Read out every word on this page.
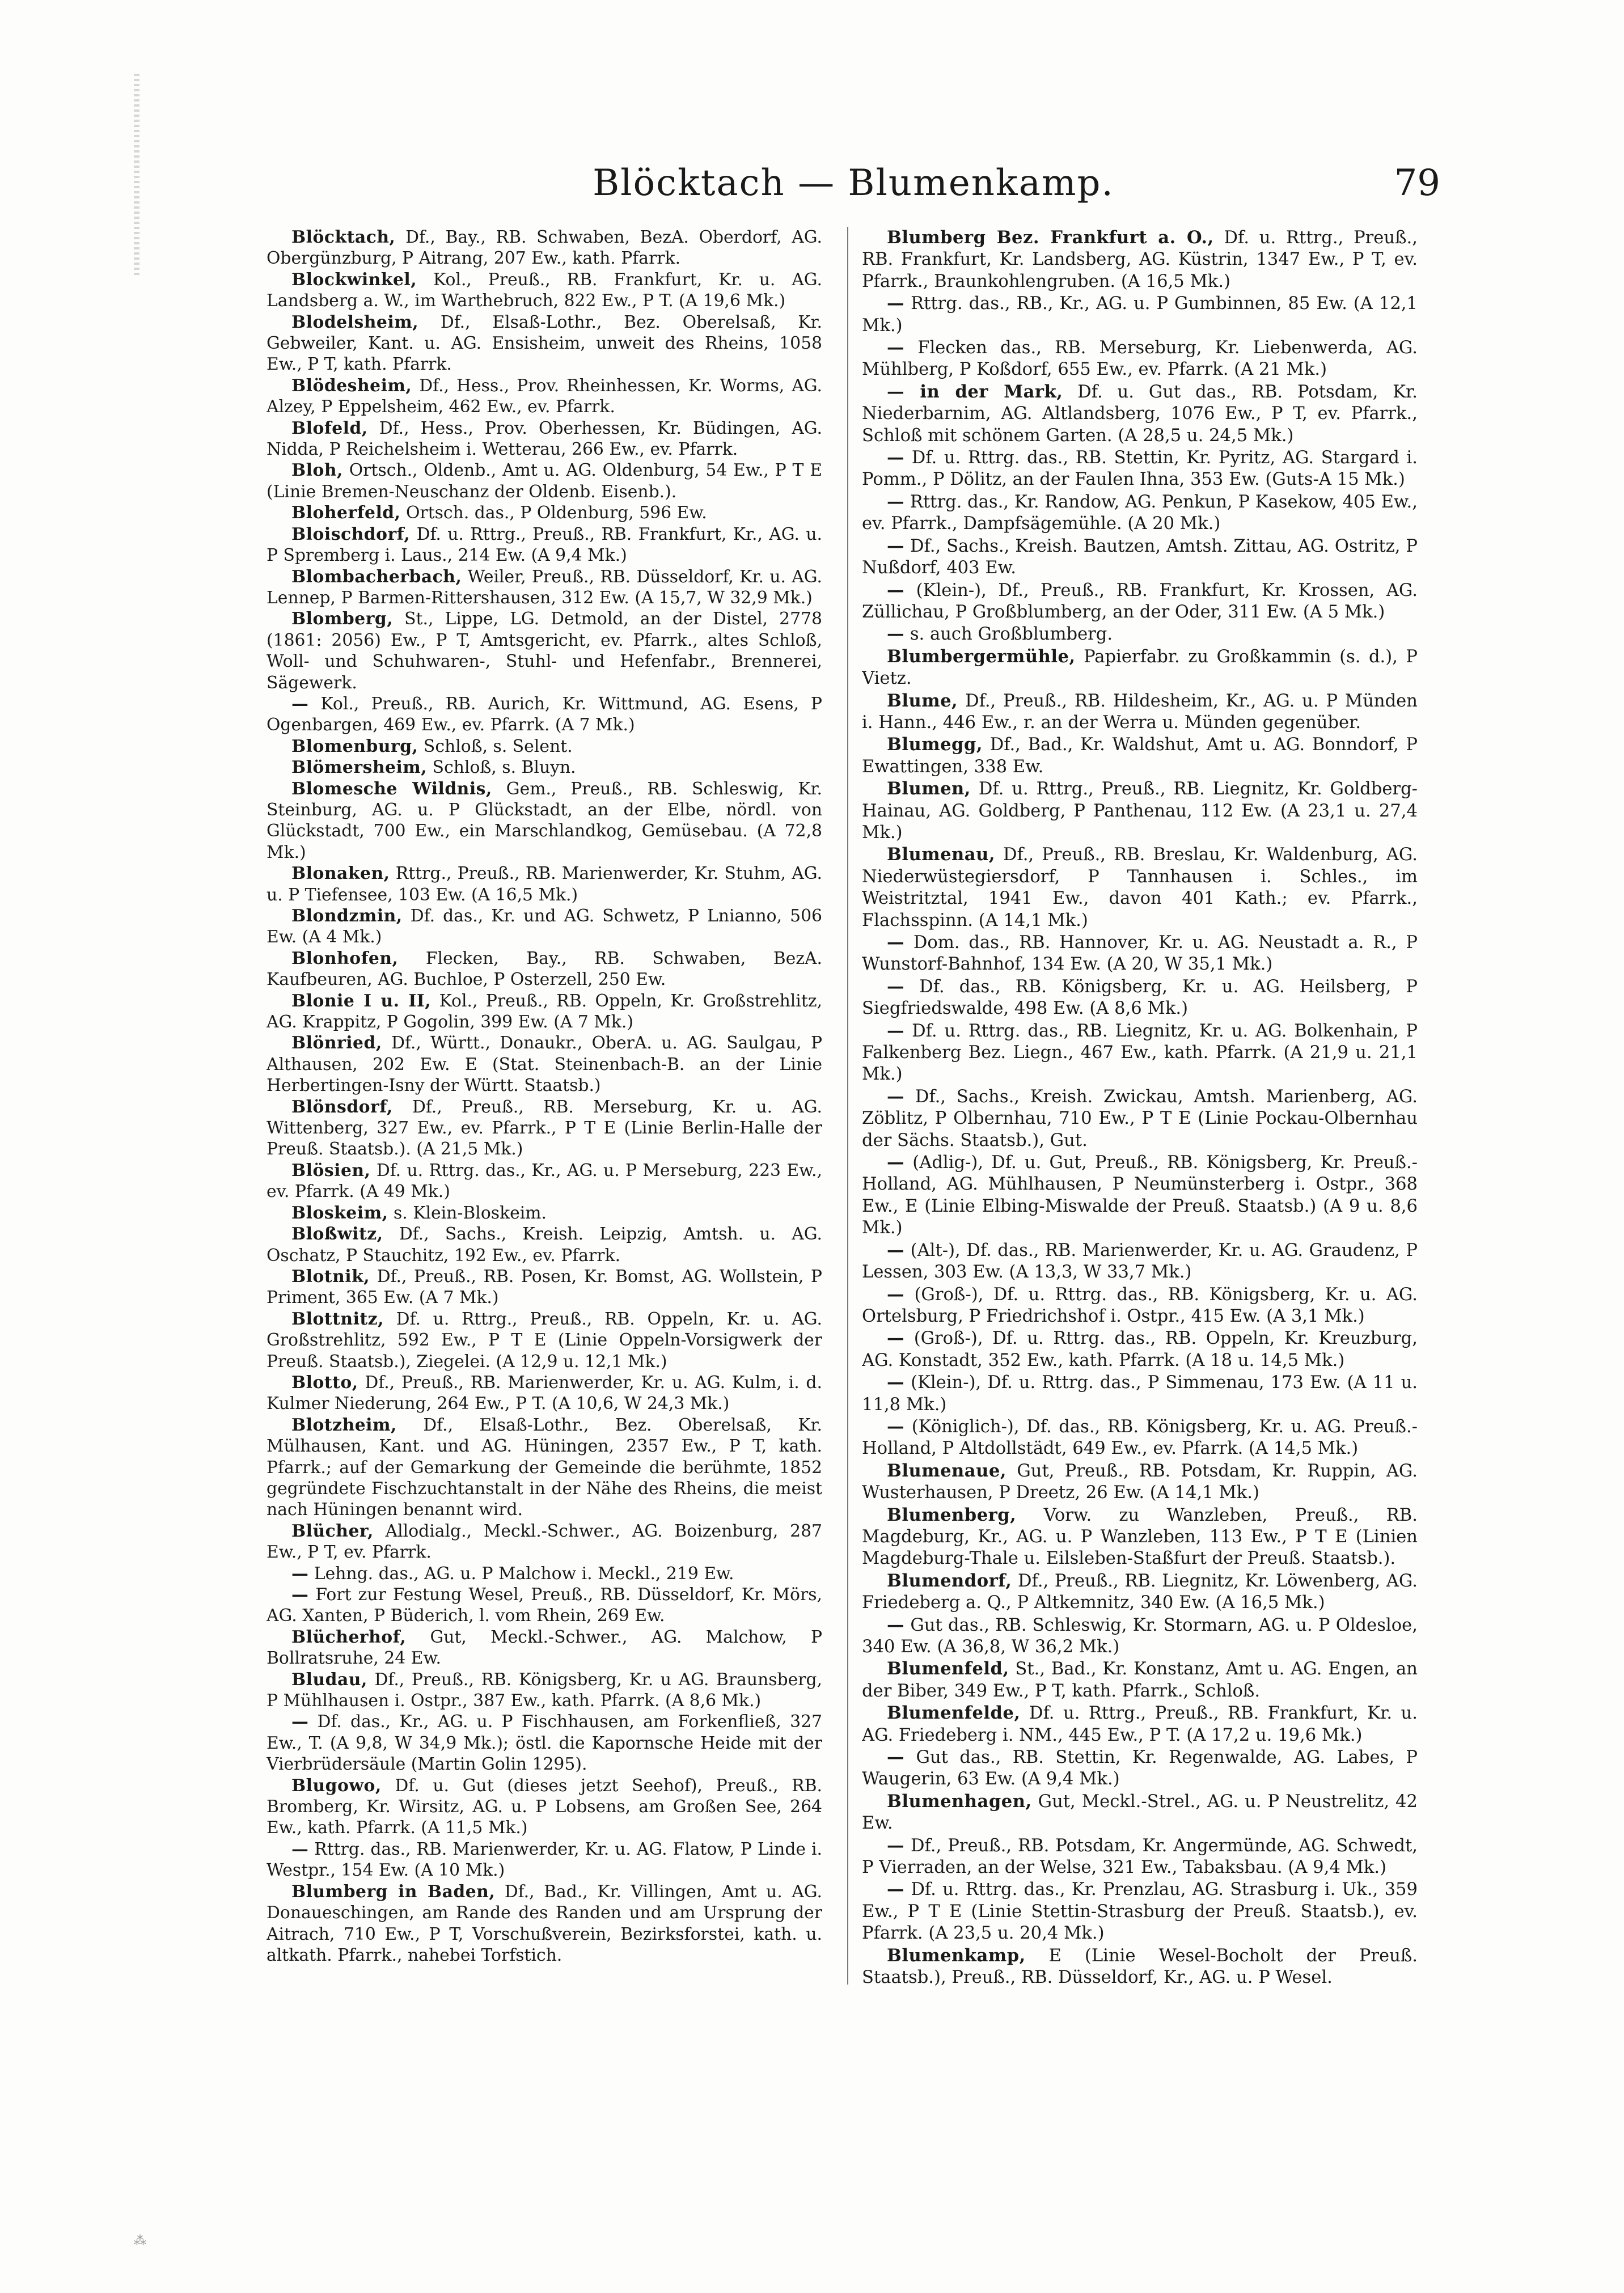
Blöcktach — Blumenkamp.	79

Blöcktach, Df., Bay., RB. Schwaben, BezA. Oberdorf, AG. Obergünzburg, P Aitrang, 207 Ew., kath. Pfarrk.

Blockwinkel, Kol., Preuß., RB. Frankfurt, Kr. u. AG. Landsberg a. W., im Warthebruch, 822 Ew., P T. (A 19,6 Mk.)

Blodelsheim, Df., Elsaß-Lothr., Bez. Oberelsaß, Kr. Gebweiler, Kant. u. AG. Ensisheim, unweit des Rheins, 1058 Ew., P T, kath. Pfarrk.

Blödesheim, Df., Hess., Prov. Rheinhessen, Kr. Worms, AG. Alzey, P Eppelsheim, 462 Ew., ev. Pfarrk.

Blofeld, Df., Hess., Prov. Oberhessen, Kr. Büdingen, AG. Nidda, P Reichelsheim i. Wetterau, 266 Ew., ev. Pfarrk.

Bloh, Ortsch., Oldenb., Amt u. AG. Oldenburg, 54 Ew., P T E (Linie Bremen-Neuschanz der Oldenb. Eisenb.).

Bloherfeld, Ortsch. das., P Oldenburg, 596 Ew.

Bloischdorf, Df. u. Rttrg., Preuß., RB. Frankfurt, Kr., AG. u. P Spremberg i. Laus., 214 Ew. (A 9,4 Mk.)

Blombacherbach, Weiler, Preuß., RB. Düsseldorf, Kr. u. AG. Lennep, P Barmen-Rittershausen, 312 Ew. (A 15,7, W 32,9 Mk.)

Blomberg, St., Lippe, LG. Detmold, an der Distel, 2778 (1861: 2056) Ew., P T, Amtsgericht, ev. Pfarrk., altes Schloß, Woll- und Schuhwaren-, Stuhl- und Hefenfabr., Brennerei, Sägewerk.

— Kol., Preuß., RB. Aurich, Kr. Wittmund, AG. Esens, P Ogenbargen, 469 Ew., ev. Pfarrk. (A 7 Mk.)

Blomenburg, Schloß, s. Selent.

Blömersheim, Schloß, s. Bluyn.

Blomesche Wildnis, Gem., Preuß., RB. Schleswig, Kr. Steinburg, AG. u. P Glückstadt, an der Elbe, nördl. von Glückstadt, 700 Ew., ein Marschlandkog, Gemüsebau. (A 72,8 Mk.)

Blonaken, Rttrg., Preuß., RB. Marienwerder, Kr. Stuhm, AG. u. P Tiefensee, 103 Ew. (A 16,5 Mk.)

Blondzmin, Df. das., Kr. und AG. Schwetz, P Lnianno, 506 Ew. (A 4 Mk.)

Blonhofen, Flecken, Bay., RB. Schwaben, BezA. Kaufbeuren, AG. Buchloe, P Osterzell, 250 Ew.

Blonie I u. II, Kol., Preuß., RB. Oppeln, Kr. Großstrehlitz, AG. Krappitz, P Gogolin, 399 Ew. (A 7 Mk.)

Blönried, Df., Württ., Donaukr., OberA. u. AG. Saulgau, P Althausen, 202 Ew. E (Stat. Steinenbach-B. an der Linie Herbertingen-Isny der Württ. Staatsb.)

Blönsdorf, Df., Preuß., RB. Merseburg, Kr. u. AG. Wittenberg, 327 Ew., ev. Pfarrk., P T E (Linie Berlin-Halle der Preuß. Staatsb.). (A 21,5 Mk.)

Blösien, Df. u. Rttrg. das., Kr., AG. u. P Merseburg, 223 Ew., ev. Pfarrk. (A 49 Mk.)

Bloskeim, s. Klein-Bloskeim.

Bloßwitz, Df., Sachs., Kreish. Leipzig, Amtsh. u. AG. Oschatz, P Stauchitz, 192 Ew., ev. Pfarrk.

Blotnik, Df., Preuß., RB. Posen, Kr. Bomst, AG. Wollstein, P Priment, 365 Ew. (A 7 Mk.)

Blottnitz, Df. u. Rttrg., Preuß., RB. Oppeln, Kr. u. AG. Großstrehlitz, 592 Ew., P T E (Linie Oppeln-Vorsigwerk der Preuß. Staatsb.), Ziegelei. (A 12,9 u. 12,1 Mk.)

Blotto, Df., Preuß., RB. Marienwerder, Kr. u. AG. Kulm, i. d. Kulmer Niederung, 264 Ew., P T. (A 10,6, W 24,3 Mk.)

Blotzheim, Df., Elsaß-Lothr., Bez. Oberelsaß, Kr. Mülhausen, Kant. und AG. Hüningen, 2357 Ew., P T, kath. Pfarrk.; auf der Gemarkung der Gemeinde die berühmte, 1852 gegründete Fischzuchtanstalt in der Nähe des Rheins, die meist nach Hüningen benannt wird.

Blücher, Allodialg., Meckl.-Schwer., AG. Boizenburg, 287 Ew., P T, ev. Pfarrk.

— Lehng. das., AG. u. P Malchow i. Meckl., 219 Ew.

— Fort zur Festung Wesel, Preuß., RB. Düsseldorf, Kr. Mörs, AG. Xanten, P Büderich, l. vom Rhein, 269 Ew.

Blücherhof, Gut, Meckl.-Schwer., AG. Malchow, P Bollratsruhe, 24 Ew.

Bludau, Df., Preuß., RB. Königsberg, Kr. u AG. Braunsberg, P Mühlhausen i. Ostpr., 387 Ew., kath. Pfarrk. (A 8,6 Mk.)

— Df. das., Kr., AG. u. P Fischhausen, am Forkenfließ, 327 Ew., T. (A 9,8, W 34,9 Mk.); östl. die Kapornsche Heide mit der Vierbrüdersäule (Martin Golin 1295).

Blugowo, Df. u. Gut (dieses jetzt Seehof), Preuß., RB. Bromberg, Kr. Wirsitz, AG. u. P Lobsens, am Großen See, 264 Ew., kath. Pfarrk. (A 11,5 Mk.)

— Rttrg. das., RB. Marienwerder, Kr. u. AG. Flatow, P Linde i. Westpr., 154 Ew. (A 10 Mk.)

Blumberg in Baden, Df., Bad., Kr. Villingen, Amt u. AG. Donaueschingen, am Rande des Randen und am Ursprung der Aitrach, 710 Ew., P T, Vorschußverein, Bezirksforstei, kath. u. altkath. Pfarrk., nahebei Torfstich.

Blumberg Bez. Frankfurt a. O., Df. u. Rttrg., Preuß., RB. Frankfurt, Kr. Landsberg, AG. Küstrin, 1347 Ew., P T, ev. Pfarrk., Braunkohlengruben. (A 16,5 Mk.)

— Rttrg. das., RB., Kr., AG. u. P Gumbinnen, 85 Ew. (A 12,1 Mk.)

— Flecken das., RB. Merseburg, Kr. Liebenwerda, AG. Mühlberg, P Koßdorf, 655 Ew., ev. Pfarrk. (A 21 Mk.)

— in der Mark, Df. u. Gut das., RB. Potsdam, Kr. Niederbarnim, AG. Altlandsberg, 1076 Ew., P T, ev. Pfarrk., Schloß mit schönem Garten. (A 28,5 u. 24,5 Mk.)

— Df. u. Rttrg. das., RB. Stettin, Kr. Pyritz, AG. Stargard i. Pomm., P Dölitz, an der Faulen Ihna, 353 Ew. (Guts-A 15 Mk.)

— Rttrg. das., Kr. Randow, AG. Penkun, P Kasekow, 405 Ew., ev. Pfarrk., Dampfsägemühle. (A 20 Mk.)

— Df., Sachs., Kreish. Bautzen, Amtsh. Zittau, AG. Ostritz, P Nußdorf, 403 Ew.

— (Klein-), Df., Preuß., RB. Frankfurt, Kr. Krossen, AG. Züllichau, P Großblumberg, an der Oder, 311 Ew. (A 5 Mk.)

— s. auch Großblumberg.

Blumbergermühle, Papierfabr. zu Großkammin (s. d.), P Vietz.

Blume, Df., Preuß., RB. Hildesheim, Kr., AG. u. P Münden i. Hann., 446 Ew., r. an der Werra u. Münden gegenüber.

Blumegg, Df., Bad., Kr. Waldshut, Amt u. AG. Bonndorf, P Ewattingen, 338 Ew.

Blumen, Df. u. Rttrg., Preuß., RB. Liegnitz, Kr. Goldberg-Hainau, AG. Goldberg, P Panthenau, 112 Ew. (A 23,1 u. 27,4 Mk.)

Blumenau, Df., Preuß., RB. Breslau, Kr. Waldenburg, AG. Niederwüstegiersdorf, P Tannhausen i. Schles., im Weistritztal, 1941 Ew., davon 401 Kath.; ev. Pfarrk., Flachsspinn. (A 14,1 Mk.)

— Dom. das., RB. Hannover, Kr. u. AG. Neustadt a. R., P Wunstorf-Bahnhof, 134 Ew. (A 20, W 35,1 Mk.)

— Df. das., RB. Königsberg, Kr. u. AG. Heilsberg, P Siegfriedswalde, 498 Ew. (A 8,6 Mk.)

— Df. u. Rttrg. das., RB. Liegnitz, Kr. u. AG. Bolkenhain, P Falkenberg Bez. Liegn., 467 Ew., kath. Pfarrk. (A 21,9 u. 21,1 Mk.)

— Df., Sachs., Kreish. Zwickau, Amtsh. Marienberg, AG. Zöblitz, P Olbernhau, 710 Ew., P T E (Linie Pockau-Olbernhau der Sächs. Staatsb.), Gut.

— (Adlig-), Df. u. Gut, Preuß., RB. Königsberg, Kr. Preuß.-Holland, AG. Mühlhausen, P Neumünsterberg i. Ostpr., 368 Ew., E (Linie Elbing-Miswalde der Preuß. Staatsb.) (A 9 u. 8,6 Mk.)

— (Alt-), Df. das., RB. Marienwerder, Kr. u. AG. Graudenz, P Lessen, 303 Ew. (A 13,3, W 33,7 Mk.)

— (Groß-), Df. u. Rttrg. das., RB. Königsberg, Kr. u. AG. Ortelsburg, P Friedrichshof i. Ostpr., 415 Ew. (A 3,1 Mk.)

— (Groß-), Df. u. Rttrg. das., RB. Oppeln, Kr. Kreuzburg, AG. Konstadt, 352 Ew., kath. Pfarrk. (A 18 u. 14,5 Mk.)

— (Klein-), Df. u. Rttrg. das., P Simmenau, 173 Ew. (A 11 u. 11,8 Mk.)

— (Königlich-), Df. das., RB. Königsberg, Kr. u. AG. Preuß.-Holland, P Altdollstädt, 649 Ew., ev. Pfarrk. (A 14,5 Mk.)

Blumenaue, Gut, Preuß., RB. Potsdam, Kr. Ruppin, AG. Wusterhausen, P Dreetz, 26 Ew. (A 14,1 Mk.)

Blumenberg, Vorw. zu Wanzleben, Preuß., RB. Magdeburg, Kr., AG. u. P Wanzleben, 113 Ew., P T E (Linien Magdeburg-Thale u. Eilsleben-Staßfurt der Preuß. Staatsb.).

Blumendorf, Df., Preuß., RB. Liegnitz, Kr. Löwenberg, AG. Friedeberg a. Q., P Altkemnitz, 340 Ew. (A 16,5 Mk.)

— Gut das., RB. Schleswig, Kr. Stormarn, AG. u. P Oldesloe, 340 Ew. (A 36,8, W 36,2 Mk.)

Blumenfeld, St., Bad., Kr. Konstanz, Amt u. AG. Engen, an der Biber, 349 Ew., P T, kath. Pfarrk., Schloß.

Blumenfelde, Df. u. Rttrg., Preuß., RB. Frankfurt, Kr. u. AG. Friedeberg i. NM., 445 Ew., P T. (A 17,2 u. 19,6 Mk.)

— Gut das., RB. Stettin, Kr. Regenwalde, AG. Labes, P Waugerin, 63 Ew. (A 9,4 Mk.)

Blumenhagen, Gut, Meckl.-Strel., AG. u. P Neustrelitz, 42 Ew.

— Df., Preuß., RB. Potsdam, Kr. Angermünde, AG. Schwedt, P Vierraden, an der Welse, 321 Ew., Tabaksbau. (A 9,4 Mk.)

— Df. u. Rttrg. das., Kr. Prenzlau, AG. Strasburg i. Uk., 359 Ew., P T E (Linie Stettin-Strasburg der Preuß. Staatsb.), ev. Pfarrk. (A 23,5 u. 20,4 Mk.)

Blumenkamp, E (Linie Wesel-Bocholt der Preuß. Staatsb.), Preuß., RB. Düsseldorf, Kr., AG. u. P Wesel.

⁂
